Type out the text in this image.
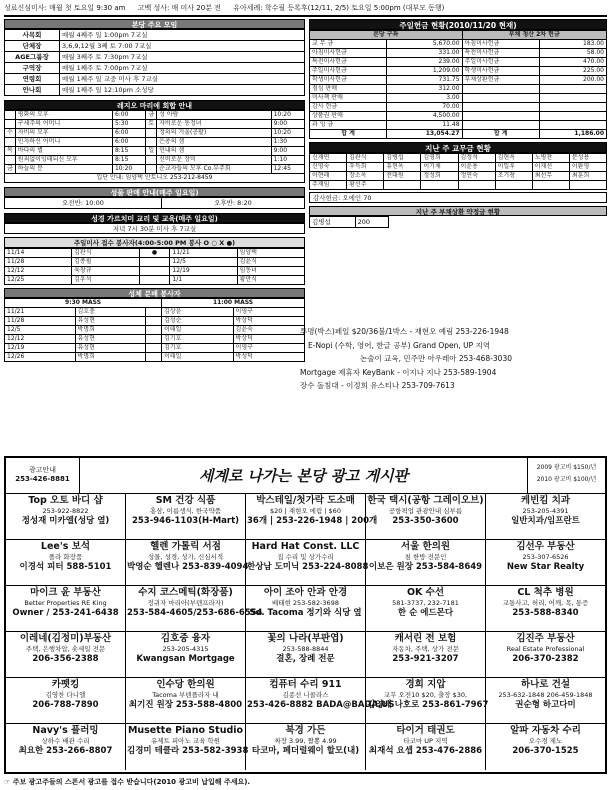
성료신심미사: 매월 첫 토요일 9:30 am 고백 성사: 매 미사 20분 전 유아세례: 학수필 등록후(12/11, 2/5) 토요일 5:00pm (대부모 동행)
본당 주요 모임
사목회	매월 4째주 일 1:00pm 7교실
단체장	3,6,9,12월 3째 토 7:00 7교실
AGE그룹장	매월 3째주 토 7:30pm 7교실
구역장	매월 1째주 토 7:00pm 7교실
연령회	매월 1째주 일 교중 미사 후 7교실
안나회	매월 1째주 일 12:10pm 소성당
레지오 마리애 회합 안내
	평화의 모후	6:00	금	성 아람	10:20
	구세주의 어머니	5:30	토	자비로운 동정녀	9:00
수	자비의 모후	6:00		정의의 거울(공팔)	10:20
	인자하신 어머니	6:00		은총의 샘	1:30
목	바다의 별	8:15	일	인내의 샘	9:00
	원죄없이잉태되신 모후	8:15		신비로운 장미	1:10
금	하늘의 문	10:20		순교자들의 모후 Co.부주회	12:45
입단 안내: 임양택 안토니오 253-212-8459					
성물 판매 안내(매주 일요일)
오전반: 10:00	오후반: 8:20
성경 가르치미 교리 및 교육(매주 일요일)
저녁 7시 30분 미사 후 7교실
주일미사 접수 봉사자(4:00-5:00 PM 봉사 O ○ X ●)
11/14	김관식	●	11/21	임양택
11/28	김종필		12/5	김윤식
12/12	육창규		12/19	임동녀
12/25	김우석		1/1	황만식
성체 분배 봉사자
9:30 MASS			11:00 MASS	
11/21	김호중		김상윤	이영구
11/28	유성현		김성순	박상덕
12/5	박명희		이태일	김윤숙
12/12	유성현		김기호	박상덕
12/19	유성현		김기호	이영구
12/26	박명희		이태일	박성덕
주일헌금 현황(2010/11/20 현재)
본당 구좌		부채 청산 2차 헌금	
교 무 금	5,670.00	아침미사헌금	183.00
아침미사헌금	331.00	특전미사헌금	58.00
특전미사헌금	239.00	주일미사헌금	470.00
주일미사헌금	1,209.00	학생미사헌금	225.00
학생미사헌금	731.75	부채상환헌금	200.00
점심 판매	312.00		
미사책 판매	3.00		
감사 헌금	70.00		
상품권 판매	4,500.00		
과 잉 금	11.48		
합 계	13,054.27	합 계	1,186.00
지난 주 교무금 현황
신재연	김관식	김병섭	김영희	김정석	김현옥	노병찬	문성용
신영숙	우득희	유현옥	이기채	이윤용	이일우	이재선	이환영
이현래	장소옥	전대원	정성희	정연숙	조기창	최선무	최훈희
주재임	황선주						
감사헌금: 오에인 70
지난 주 부채상환 약정금 현황
김병섭	200
투명(박스)페일 $20/36불/1박스 - 재현오 예림 253-226-1948
E-Nopi (수학, 영어, 한글 공부) Grand Open, UP 지역
논술이 교육, 민주만 아우레아 253-468-3030
Mortgage 제휴자 KeyBank - 이지나 지나 253-589-1904
장수 돌침대 - 이정희 유스티나 253-709-7613
광고안내
253-426-8881	세계로 나가는 본당 광고 게시판	2009 광고비 $150/년
2010 광고비 $100/년
Top 오토 바디 샵
253-922-8822
정성재 미카엘(성당 옆)
SM 건강 식품
홍삼, 이름생식, 한국약품
253-946-1103(H-Mart)
박스테일/첫가락 도소매
$20 | 재현오 에림 | $60
36개 | 253-226-1948 | 200개
한국 택시(공항 그레이오브)
공항픽업 관광안내 심부름
253-350-3600
케빈킴 치과
253-205-4391
일반치과/임프란트
Lee's 보석
폴라 화장품
이경석 피터 588-5101
헬렌 가톨릭 서점
성물, 성경, 성가, 신심서적
박영순 헬렌나 253-839-4094
Hard Hat Const. LLC
집 수리 및 상가수리
한상남 도미닉 253-224-8088
서울 한의원
침 한방 전문인
이보은 원장 253-584-8649
김선우 부동산
253-307-6526
New Star Realty
마이크 윤 부동산
Better Properties RE King
Owner / 253-241-6438
수지 코스메틱(화장품)
정귀자 마리아(부텐프라자)
253-584-4605/253-686-6554
아이 조아 안과 안경
배태현 253-582-3698
So. Tacoma 정기와 식당 옆
OK 수선
581-3737, 232-7181
한 순 에드몬다
CL 척추 병원
교통사고, 허리, 어깨, 목, 통증
253-588-8340
이레네(김정미)부동산
주택, 은행차압, 숏세일 전문
206-356-2388
김호중 융자
253-205-4315
Kwangsan Mortgage
꽃의 나라(부판엽)
253-588-8844
결혼, 장례 전문
캐서린 전 보험
자동차, 주택, 상가 전문
253-921-3207
김진주 부동산
Real Estate Professional
206-370-2382
카펫킹
김영찬 다니엘
206-788-7890
인수당 한의원
Tacoma 부텐플라자 내
최기진 원장 253-588-4800
컴퓨터 수리 911
김종선 니콜라스
253-426-8882 BADA@BADA.US
경희 지압
교무 오전10 $20, 출장 $30,
김영배 나호로 253-861-7967
하나로 건설
253-632-1848 206-459-1848
권순형 하고다미
Navy's 플러밍
상하수 배관 수리
최요한 253-266-8807
Musette Piano Studio
유제트 피아노 교육 학원
김경미 테클라 253-582-3938
북경 가든
짜장 3.99, 짬뽕 4.99
타코마, 페더럴웨이 할모(내)
타이거 태권도
타코마 UP 지역
최재석 요셉 253-476-2886
알파 자동차 수리
오수경 제노
206-370-1525
☞ 주보 광고주들의 스폰서 광고를 접수 받습니다(2010 광고비 납입해 주세요).
